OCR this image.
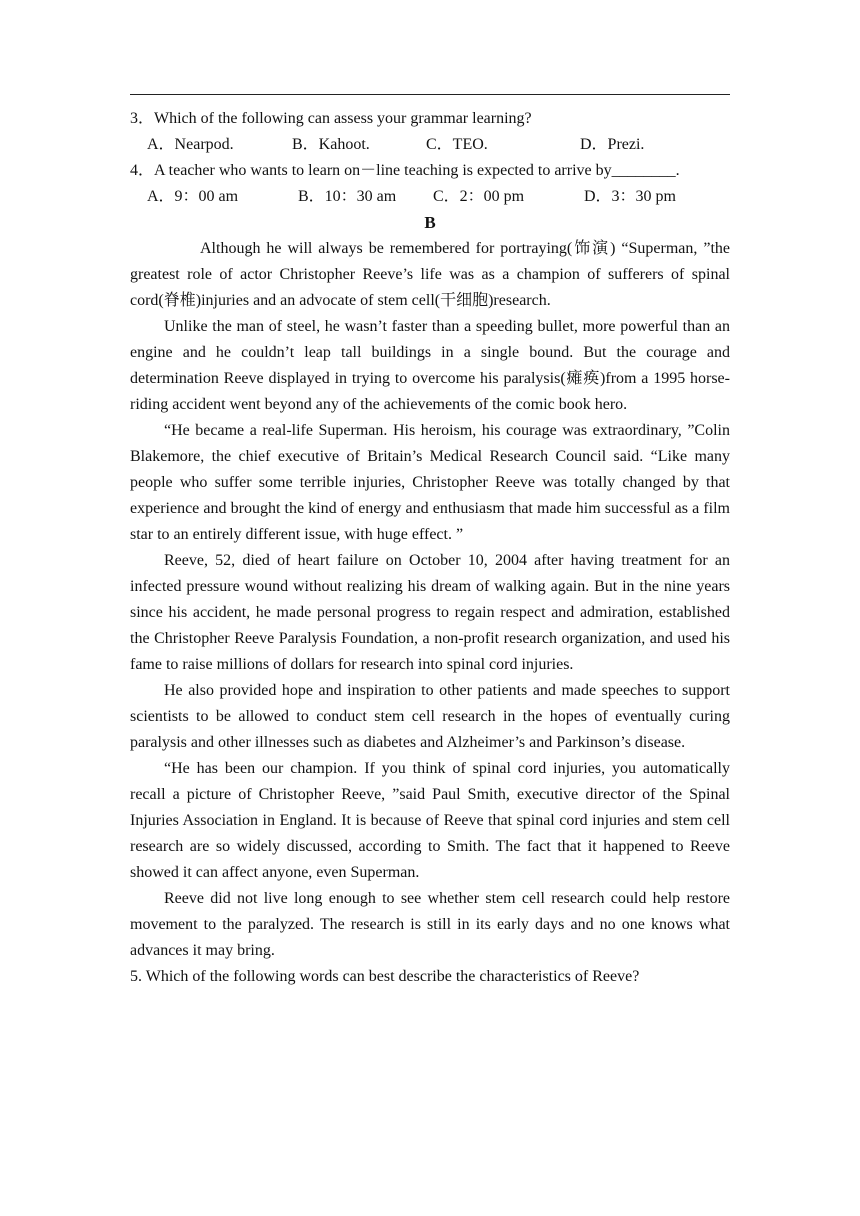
3．Which of the following can assess your grammar learning?

A．Nearpod.	B．Kahoot.	C．TEO.	D．Prezi.

4．A teacher who wants to learn on－line teaching is expected to arrive by________.

A．9：00 am	B．10：30 am	C．2：00 pm	D．3：30 pm

B

Although he will always be remembered for portraying(饰演) “Superman, ”the greatest role of actor Christopher Reeve’s life was as a champion of sufferers of spinal cord(脊椎)injuries and an advocate of stem cell(干细胞)research.

Unlike the man of steel, he wasn’t faster than a speeding bullet, more powerful than an engine and he couldn’t leap tall buildings in a single bound. But the courage and determination Reeve displayed in trying to overcome his paralysis(瘫痪)from a 1995 horse-riding accident went beyond any of the achievements of the comic book hero.

“He became a real-life Superman. His heroism, his courage was extraordinary, ”Colin Blakemore, the chief executive of Britain’s Medical Research Council said. “Like many people who suffer some terrible injuries, Christopher Reeve was totally changed by that experience and brought the kind of energy and enthusiasm that made him successful as a film star to an entirely different issue, with huge effect. ”

Reeve, 52, died of heart failure on October 10, 2004 after having treatment for an infected pressure wound without realizing his dream of walking again. But in the nine years since his accident, he made personal progress to regain respect and admiration, established the Christopher Reeve Paralysis Foundation, a non-profit research organization, and used his fame to raise millions of dollars for research into spinal cord injuries.

He also provided hope and inspiration to other patients and made speeches to support scientists to be allowed to conduct stem cell research in the hopes of eventually curing paralysis and other illnesses such as diabetes and Alzheimer’s and Parkinson’s disease.

“He has been our champion. If you think of spinal cord injuries, you automatically recall a picture of Christopher Reeve, ”said Paul Smith, executive director of the Spinal Injuries Association in England. It is because of Reeve that spinal cord injuries and stem cell research are so widely discussed, according to Smith. The fact that it happened to Reeve showed it can affect anyone, even Superman.

Reeve did not live long enough to see whether stem cell research could help restore movement to the paralyzed. The research is still in its early days and no one knows what advances it may bring.

5. Which of the following words can best describe the characteristics of Reeve?
